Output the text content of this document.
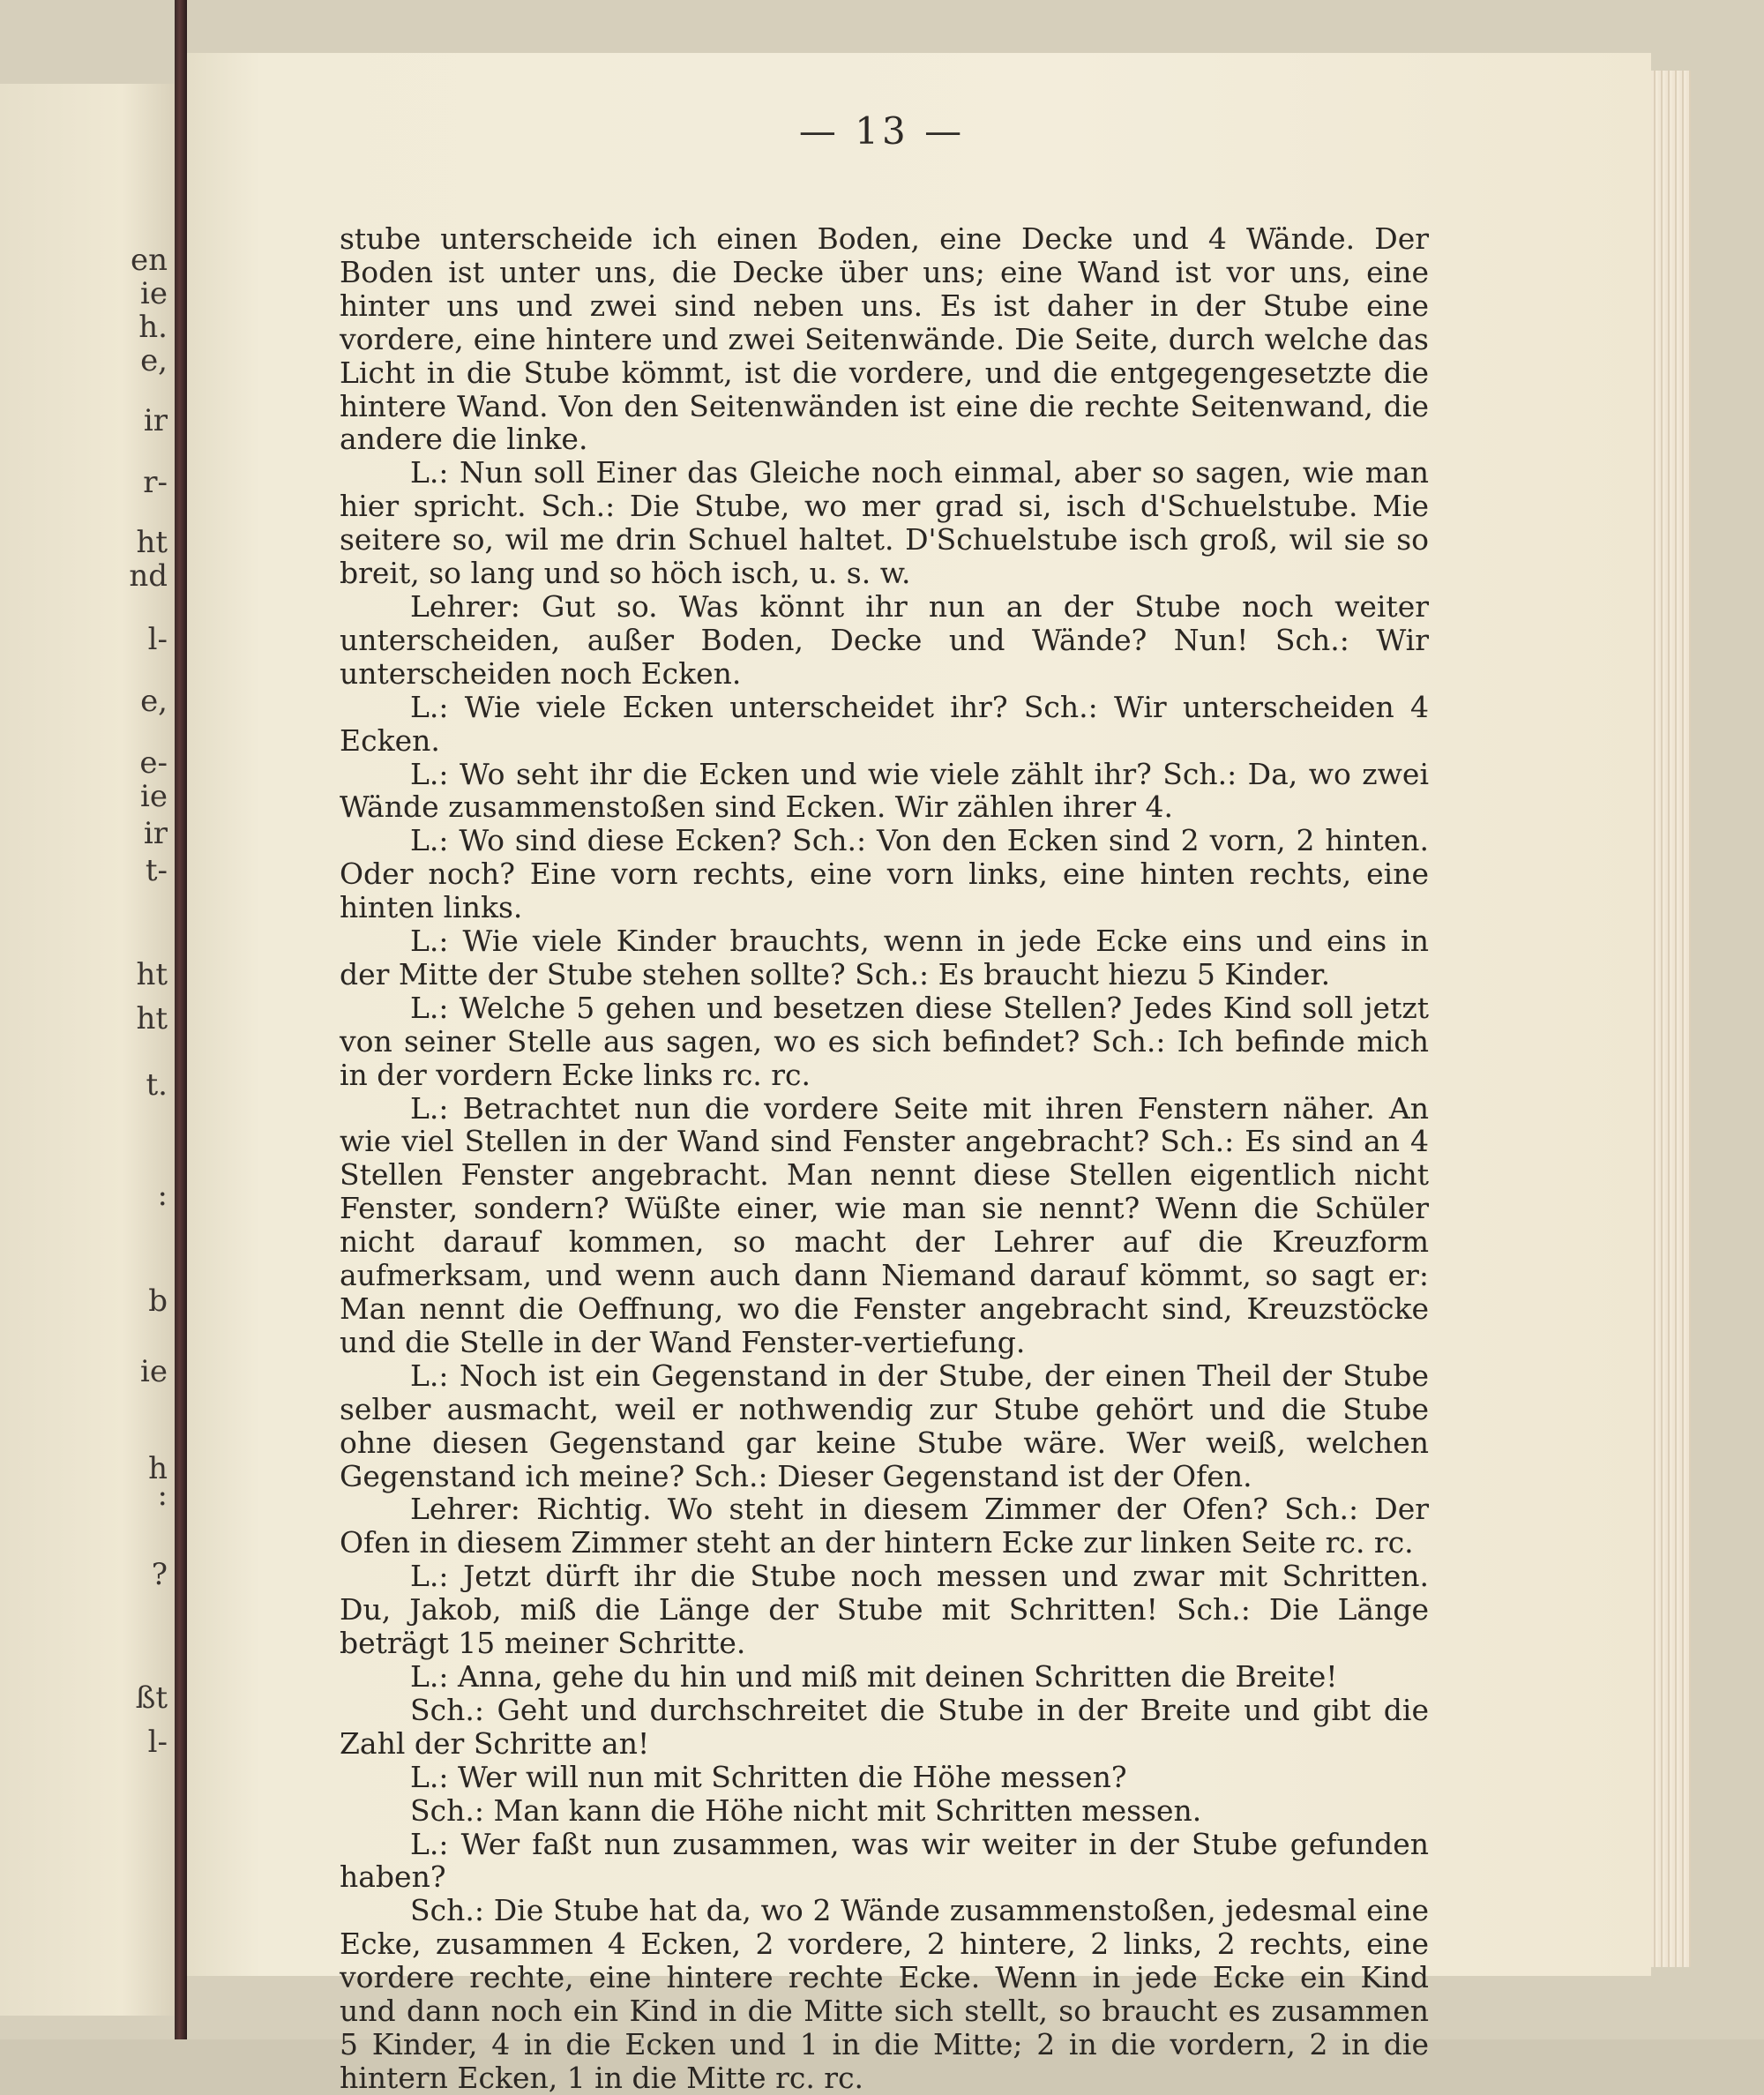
en
ie
h.
e,
ir
r-
ht
nd
l-
e,
e-
ie
ir
t-
ht
ht
t.
:
b
ie
h
:
?
ßt
l-
— 13 —

stube unterscheide ich einen Boden, eine Decke und 4 Wände. Der Boden ist unter uns, die Decke über uns; eine Wand ist vor uns, eine hinter uns und zwei sind neben uns. Es ist daher in der Stube eine vordere, eine hintere und zwei Seitenwände. Die Seite, durch welche das Licht in die Stube kömmt, ist die vordere, und die entgegengesetzte die hintere Wand. Von den Seitenwänden ist eine die rechte Seitenwand, die andere die linke.

L.: Nun soll Einer das Gleiche noch einmal, aber so sagen, wie man hier spricht. Sch.: Die Stube, wo mer grad si, isch d'Schuelstube. Mie seitere so, wil me drin Schuel haltet. D'Schuelstube isch groß, wil sie so breit, so lang und so höch isch, u. s. w.

Lehrer: Gut so. Was könnt ihr nun an der Stube noch weiter unterscheiden, außer Boden, Decke und Wände? Nun! Sch.: Wir unterscheiden noch Ecken.

L.: Wie viele Ecken unterscheidet ihr? Sch.: Wir unterscheiden 4 Ecken.

L.: Wo seht ihr die Ecken und wie viele zählt ihr? Sch.: Da, wo zwei Wände zusammenstoßen sind Ecken. Wir zählen ihrer 4.

L.: Wo sind diese Ecken? Sch.: Von den Ecken sind 2 vorn, 2 hinten. Oder noch? Eine vorn rechts, eine vorn links, eine hinten rechts, eine hinten links.

L.: Wie viele Kinder brauchts, wenn in jede Ecke eins und eins in der Mitte der Stube stehen sollte? Sch.: Es braucht hiezu 5 Kinder.

L.: Welche 5 gehen und besetzen diese Stellen? Jedes Kind soll jetzt von seiner Stelle aus sagen, wo es sich befindet? Sch.: Ich befinde mich in der vordern Ecke links rc. rc.

L.: Betrachtet nun die vordere Seite mit ihren Fenstern näher. An wie viel Stellen in der Wand sind Fenster angebracht? Sch.: Es sind an 4 Stellen Fenster angebracht. Man nennt diese Stellen eigentlich nicht Fenster, sondern? Wüßte einer, wie man sie nennt? Wenn die Schüler nicht darauf kommen, so macht der Lehrer auf die Kreuzform aufmerksam, und wenn auch dann Niemand darauf kömmt, so sagt er: Man nennt die Oeffnung, wo die Fenster angebracht sind, Kreuzstöcke und die Stelle in der Wand Fenster-vertiefung.

L.: Noch ist ein Gegenstand in der Stube, der einen Theil der Stube selber ausmacht, weil er nothwendig zur Stube gehört und die Stube ohne diesen Gegenstand gar keine Stube wäre. Wer weiß, welchen Gegenstand ich meine? Sch.: Dieser Gegenstand ist der Ofen.

Lehrer: Richtig. Wo steht in diesem Zimmer der Ofen? Sch.: Der Ofen in diesem Zimmer steht an der hintern Ecke zur linken Seite rc. rc.

L.: Jetzt dürft ihr die Stube noch messen und zwar mit Schritten. Du, Jakob, miß die Länge der Stube mit Schritten! Sch.: Die Länge beträgt 15 meiner Schritte.

L.: Anna, gehe du hin und miß mit deinen Schritten die Breite!

Sch.: Geht und durchschreitet die Stube in der Breite und gibt die Zahl der Schritte an!

L.: Wer will nun mit Schritten die Höhe messen?

Sch.: Man kann die Höhe nicht mit Schritten messen.

L.: Wer faßt nun zusammen, was wir weiter in der Stube gefunden haben?

Sch.: Die Stube hat da, wo 2 Wände zusammenstoßen, jedesmal eine Ecke, zusammen 4 Ecken, 2 vordere, 2 hintere, 2 links, 2 rechts, eine vordere rechte, eine hintere rechte Ecke. Wenn in jede Ecke ein Kind und dann noch ein Kind in die Mitte sich stellt, so braucht es zusammen 5 Kinder, 4 in die Ecken und 1 in die Mitte; 2 in die vordern, 2 in die hintern Ecken, 1 in die Mitte rc. rc.
